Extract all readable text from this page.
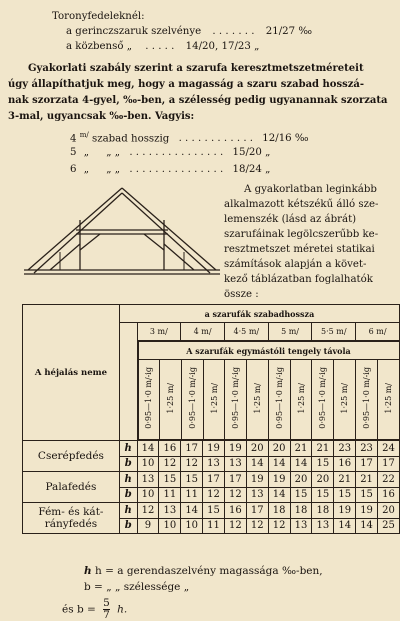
Toronyfedeleknél:
a gerinczszaruk szelvénye . . . . . . . 21/27 ‰
a közbenső „ . . . . . 14/20, 17/23 „
Gyakorlati szabály szerint a szarufa keresztmetszetméreteit
úgy állapíthatjuk meg, hogy a magasság a szaru szabad hosszá-
nak szorzata 4-gyel, ‰-ben, a szélesség pedig ugyanannak szorzata
3-mal, ugyancsak ‰-ben. Vagyis:
4 $^{m/}$ szabad hosszig . . . . . . . . . . . . 12/16 ‰
5 „ „ „ . . . . . . . . . . . . . . . 15/20 „
6 „ „ „ . . . . . . . . . . . . . . . 18/24 „
A gyakorlatban leginkább
alkalmazott kétszékű álló sze-
lemenszék (lásd az ábrát)
szarufáinak legölcszerűbb ke-
resztmetszet méretei statikai
számítások alapján a követ-
kező táblázatban foglalhatók
össze :
A héjalás neme	a szarufák szabadhossza
	3 m/	4 m/	4·5 m/	5 m/	5·5 m/	6 m/

A szarufák egymástóli tengely távola
0·95—1·0 m/-ig	1·25 m/	0·95—1·0 m/-ig	1·25 m/	0·95—1·0 m/-ig	1·25 m/	0·95—1·0 m/-ig	1·25 m/	0·95—1·0 m/-ig	1·25 m/	0·95—1·0 m/-ig	1·25 m/

Cserépfedés	h	14	16	17	19	19	20	20	21	21	23	23	24
b	10	12	12	13	13	14	14	14	15	16	17	17
Palafedés	h	13	15	15	17	17	19	19	20	20	21	21	22
b	10	11	11	12	12	13	14	15	15	15	15	16
Fém- és kát-rányfedés	h	12	13	14	15	16	17	18	18	18	19	19	20
b	9	10	10	11	12	12	12	13	13	14	14	25
h h = a gerendaszelvény magassága ‰-ben,
b = „ „ szélessége „
és $b = \frac{5}{7} h$.
